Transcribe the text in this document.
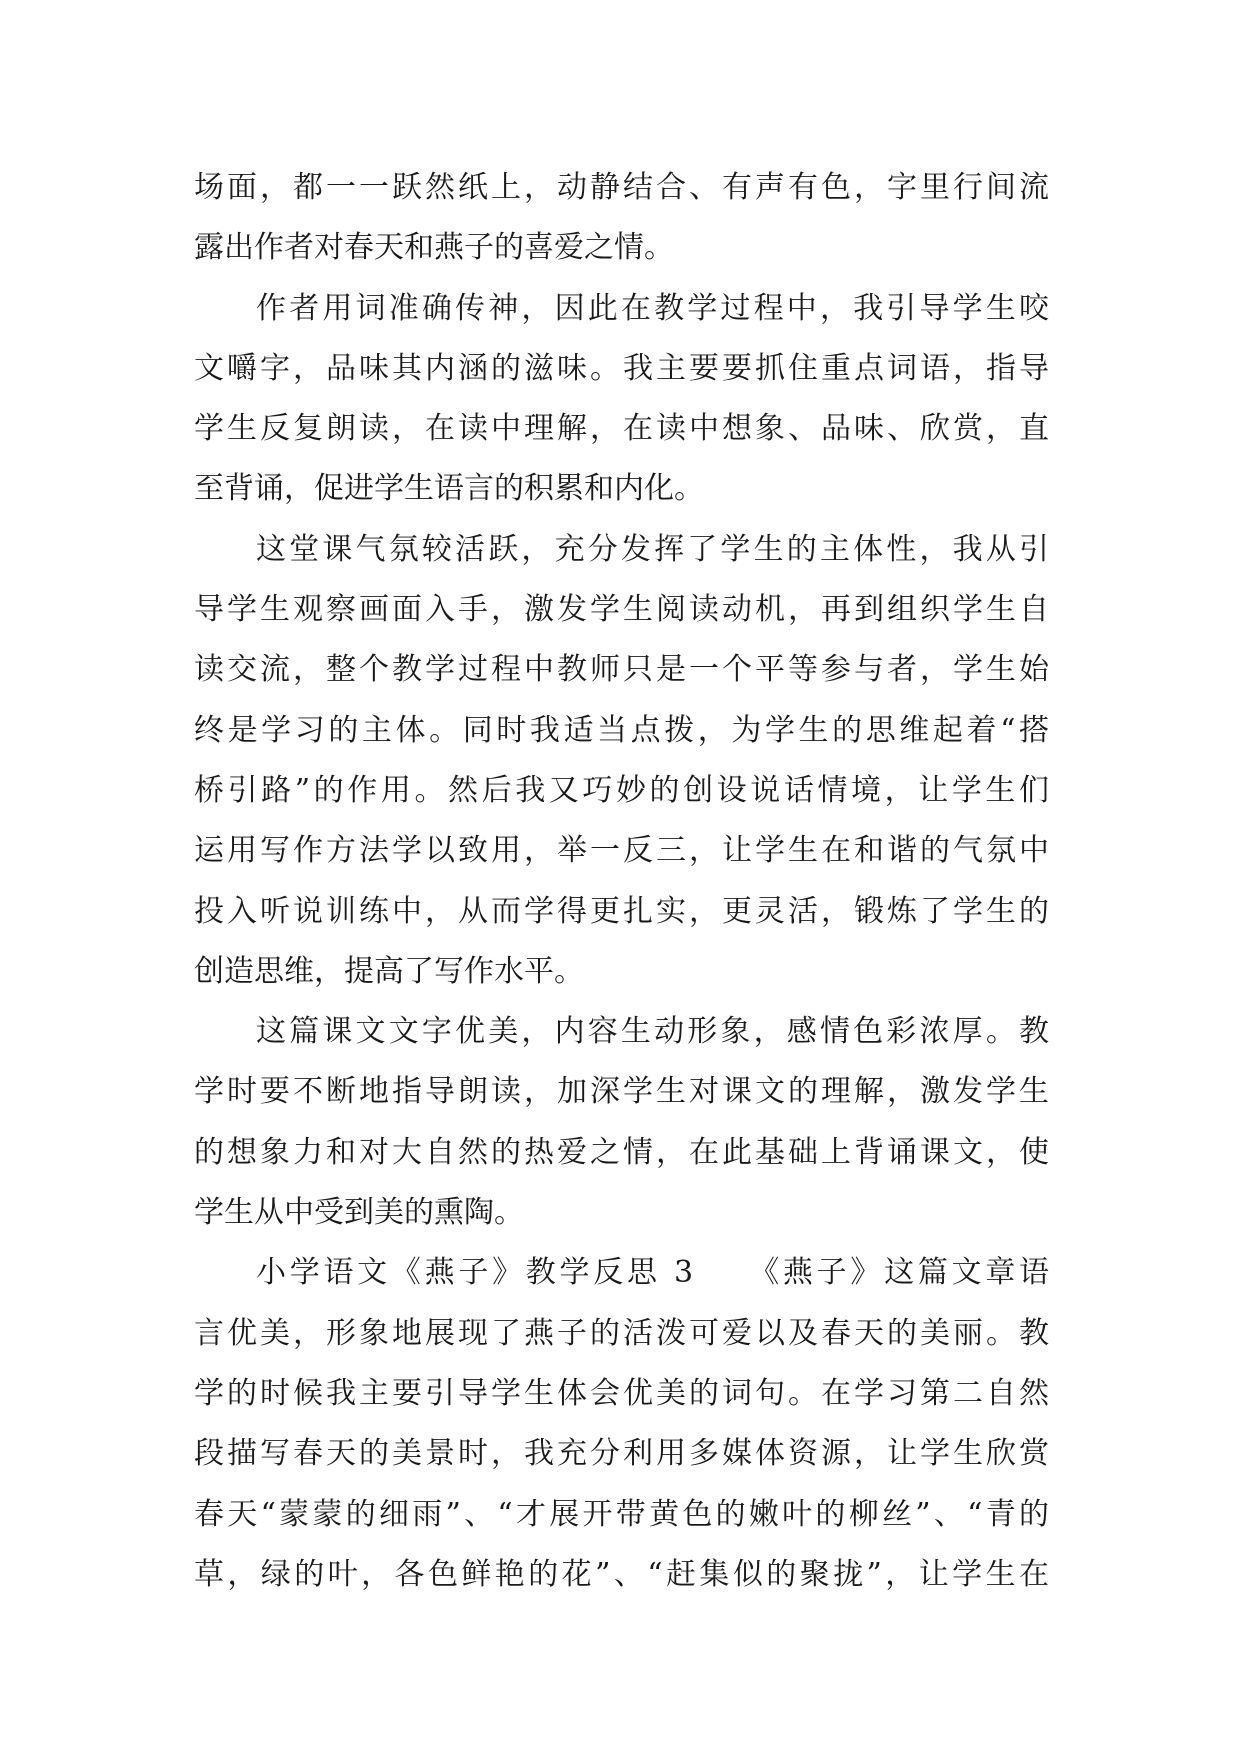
场面，都一一跃然纸上，动静结合、有声有色，字里行间流
露出作者对春天和燕子的喜爱之情。
作者用词准确传神，因此在教学过程中，我引导学生咬
文嚼字，品味其内涵的滋味。我主要要抓住重点词语，指导
学生反复朗读，在读中理解，在读中想象、品味、欣赏，直
至背诵，促进学生语言的积累和内化。
这堂课气氛较活跃，充分发挥了学生的主体性，我从引
导学生观察画面入手，激发学生阅读动机，再到组织学生自
读交流，整个教学过程中教师只是一个平等参与者，学生始
终是学习的主体。同时我适当点拨，为学生的思维起着“搭
桥引路”的作用。然后我又巧妙的创设说话情境，让学生们
运用写作方法学以致用，举一反三，让学生在和谐的气氛中
投入听说训练中，从而学得更扎实，更灵活，锻炼了学生的
创造思维，提高了写作水平。
这篇课文文字优美，内容生动形象，感情色彩浓厚。教
学时要不断地指导朗读，加深学生对课文的理解，激发学生
的想象力和对大自然的热爱之情，在此基础上背诵课文，使
学生从中受到美的熏陶。
小学语文《燕子》教学反思 3　　《燕子》这篇文章语
言优美，形象地展现了燕子的活泼可爱以及春天的美丽。教
学的时候我主要引导学生体会优美的词句。在学习第二自然
段描写春天的美景时，我充分利用多媒体资源，让学生欣赏
春天“蒙蒙的细雨”、“才展开带黄色的嫩叶的柳丝”、“青的
草，绿的叶，各色鲜艳的花”、“赶集似的聚拢”，让学生在
